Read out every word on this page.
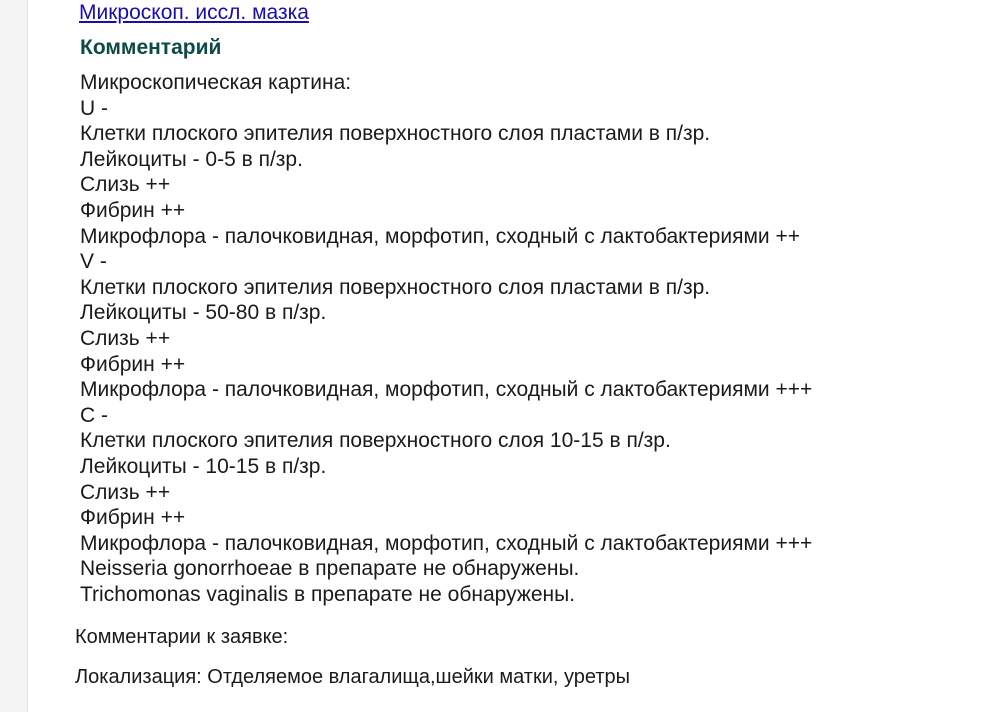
Микроскоп. иссл. мазка
Комментарий
Микроскопическая картина:
U -
Клетки плоского эпителия поверхностного слоя пластами в п/зр.
Лейкоциты - 0-5 в п/зр.
Слизь ++
Фибрин ++
Микрофлора - палочковидная, морфотип, сходный с лактобактериями ++
V -
Клетки плоского эпителия поверхностного слоя пластами в п/зр.
Лейкоциты - 50-80 в п/зр.
Слизь ++
Фибрин ++
Микрофлора - палочковидная, морфотип, сходный с лактобактериями +++
C -
Клетки плоского эпителия поверхностного слоя 10-15 в п/зр.
Лейкоциты - 10-15 в п/зр.
Слизь ++
Фибрин ++
Микрофлора - палочковидная, морфотип, сходный с лактобактериями +++
Neisseria gonorrhoeae в препарате не обнаружены.
Trichomonas vaginalis в препарате не обнаружены.
Комментарии к заявке:
Локализация: Отделяемое влагалища,шейки матки, уретры
